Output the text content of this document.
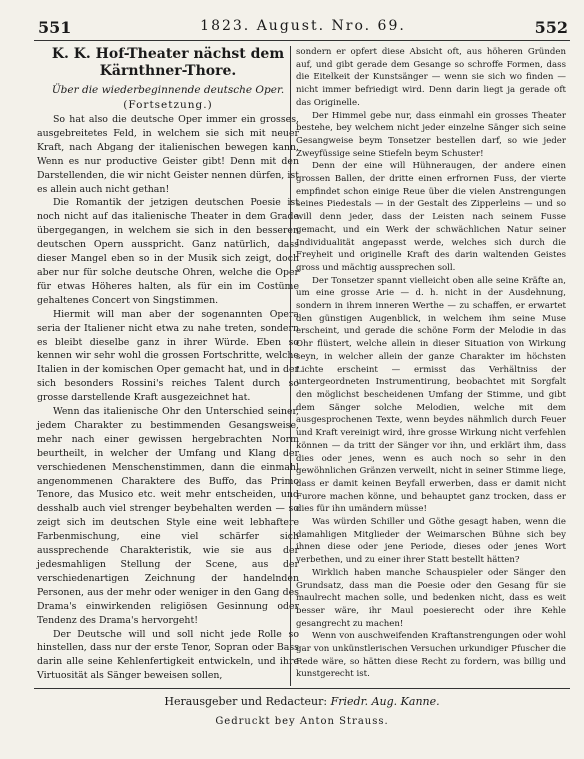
551	1823. August. Nro. 69.	552

K. K. Hof-Theater nächst dem Kärnthner-Thore.

Über die wiederbeginnende deutsche Oper.

(Fortsetzung.)

So hat also die deutsche Oper immer ein grosses, ausgebreitetes Feld, in welchem sie sich mit neuer Kraft, nach Abgang der italienischen bewegen kann. Wenn es nur productive Geister gibt! Denn mit den Darstellenden, die wir nicht Geister nennen dürfen, ist es allein auch nicht gethan!

Die Romantik der jetzigen deutschen Poesie ist noch nicht auf das italienische Theater in dem Grade übergegangen, in welchem sie sich in den besseren deutschen Opern ausspricht. Ganz natürlich, dass dieser Mangel eben so in der Musik sich zeigt, doch aber nur für solche deutsche Ohren, welche die Oper für etwas Höheres halten, als für ein im Costüme gehaltenes Concert von Singstimmen.

Hiermit will man aber der sogenannten Opera seria der Italiener nicht etwa zu nahe treten, sondern es bleibt dieselbe ganz in ihrer Würde. Eben so kennen wir sehr wohl die grossen Fortschritte, welche Italien in der komischen Oper gemacht hat, und in der sich besonders Rossini's reiches Talent durch so grosse darstellende Kraft ausgezeichnet hat.

Wenn das italienische Ohr den Unterschied seiner, jedem Charakter zu bestimmenden Gesangsweise, mehr nach einer gewissen hergebrachten Norm beurtheilt, in welcher der Umfang und Klang der verschiedenen Menschenstimmen, dann die einmahl angenommenen Charaktere des Buffo, das Primo Tenore, das Musico etc. weit mehr entscheiden, und desshalb auch viel strenger beybehalten werden — so zeigt sich im deutschen Style eine weit lebhaftere Farbenmischung, eine viel schärfer sich aussprechende Charakteristik, wie sie aus der jedesmahligen Stellung der Scene, aus der verschiedenartigen Zeichnung der handelnden Personen, aus der mehr oder weniger in den Gang des Drama's einwirkenden religiösen Gesinnung oder Tendenz des Drama's hervorgeht!

Der Deutsche will und soll nicht jede Rolle so hinstellen, dass nur der erste Tenor, Sopran oder Bass darin alle seine Kehlenfertigkeit entwickeln, und ihre Virtuosität als Sänger beweisen sollen,

sondern er opfert diese Absicht oft, aus höheren Gründen auf, und gibt gerade dem Gesange so schroffe Formen, dass die Eitelkeit der Kunstsänger — wenn sie sich wo finden — nicht immer befriedigt wird. Denn darin liegt ja gerade oft das Originelle.

Der Himmel gebe nur, dass einmahl ein grosses Theater bestehe, bey welchem nicht jeder einzelne Sänger sich seine Gesangweise beym Tonsetzer bestellen darf, so wie jeder Zweyfüssige seine Stiefeln beym Schuster!

Denn der eine will Hühneraugen, der andere einen grossen Ballen, der dritte einen erfrornen Fuss, der vierte empfindet schon einige Reue über die vielen Anstrengungen seines Piedestals — in der Gestalt des Zipperleins — und so will denn jeder, dass der Leisten nach seinem Fusse gemacht, und ein Werk der schwächlichen Natur seiner Individualität angepasst werde, welches sich durch die Freyheit und originelle Kraft des darin waltenden Geistes gross und mächtig aussprechen soll.

Der Tonsetzer spannt vielleicht oben alle seine Kräfte an, um eine grosse Arie — d. h. nicht in der Ausdehnung, sondern in ihrem inneren Werthe — zu schaffen, er erwartet den günstigen Augenblick, in welchem ihm seine Muse erscheint, und gerade die schöne Form der Melodie in das Ohr flüstert, welche allein in dieser Situation von Wirkung seyn, in welcher allein der ganze Charakter im höchsten Lichte erscheint — ermisst das Verhältniss der untergeordneten Instrumentirung, beobachtet mit Sorgfalt den möglichst bescheidenen Umfang der Stimme, und gibt dem Sänger solche Melodien, welche mit dem ausgesprochenen Texte, wenn beydes nähmlich durch Feuer und Kraft vereinigt wird, ihre grosse Wirkung nicht verfehlen können — da tritt der Sänger vor ihn, und erklärt ihm, dass dies oder jenes, wenn es auch noch so sehr in den gewöhnlichen Gränzen verweilt, nicht in seiner Stimme liege, dass er damit keinen Beyfall erwerben, dass er damit nicht Furore machen könne, und behauptet ganz trocken, dass er dies für ihn umändern müsse!

Was würden Schiller und Göthe gesagt haben, wenn die damahligen Mitglieder der Weimarschen Bühne sich bey ihnen diese oder jene Periode, dieses oder jenes Wort verbethen, und zu einer ihrer Statt bestellt hätten?

Wirklich haben manche Schauspieler oder Sänger den Grundsatz, dass man die Poesie oder den Gesang für sie maulrecht machen solle, und bedenken nicht, dass es weit besser wäre, ihr Maul poesierecht oder ihre Kehle gesangrecht zu machen!

Wenn von auschweifenden Kraftanstrengungen oder wohl gar von unkünstlerischen Versuchen urkundiger Pfuscher die Rede wäre, so hätten diese Recht zu fordern, was billig und kunstgerecht ist.

Herausgeber und Redacteur: Friedr. Aug. Kanne.
Gedruckt bey Anton Strauss.
